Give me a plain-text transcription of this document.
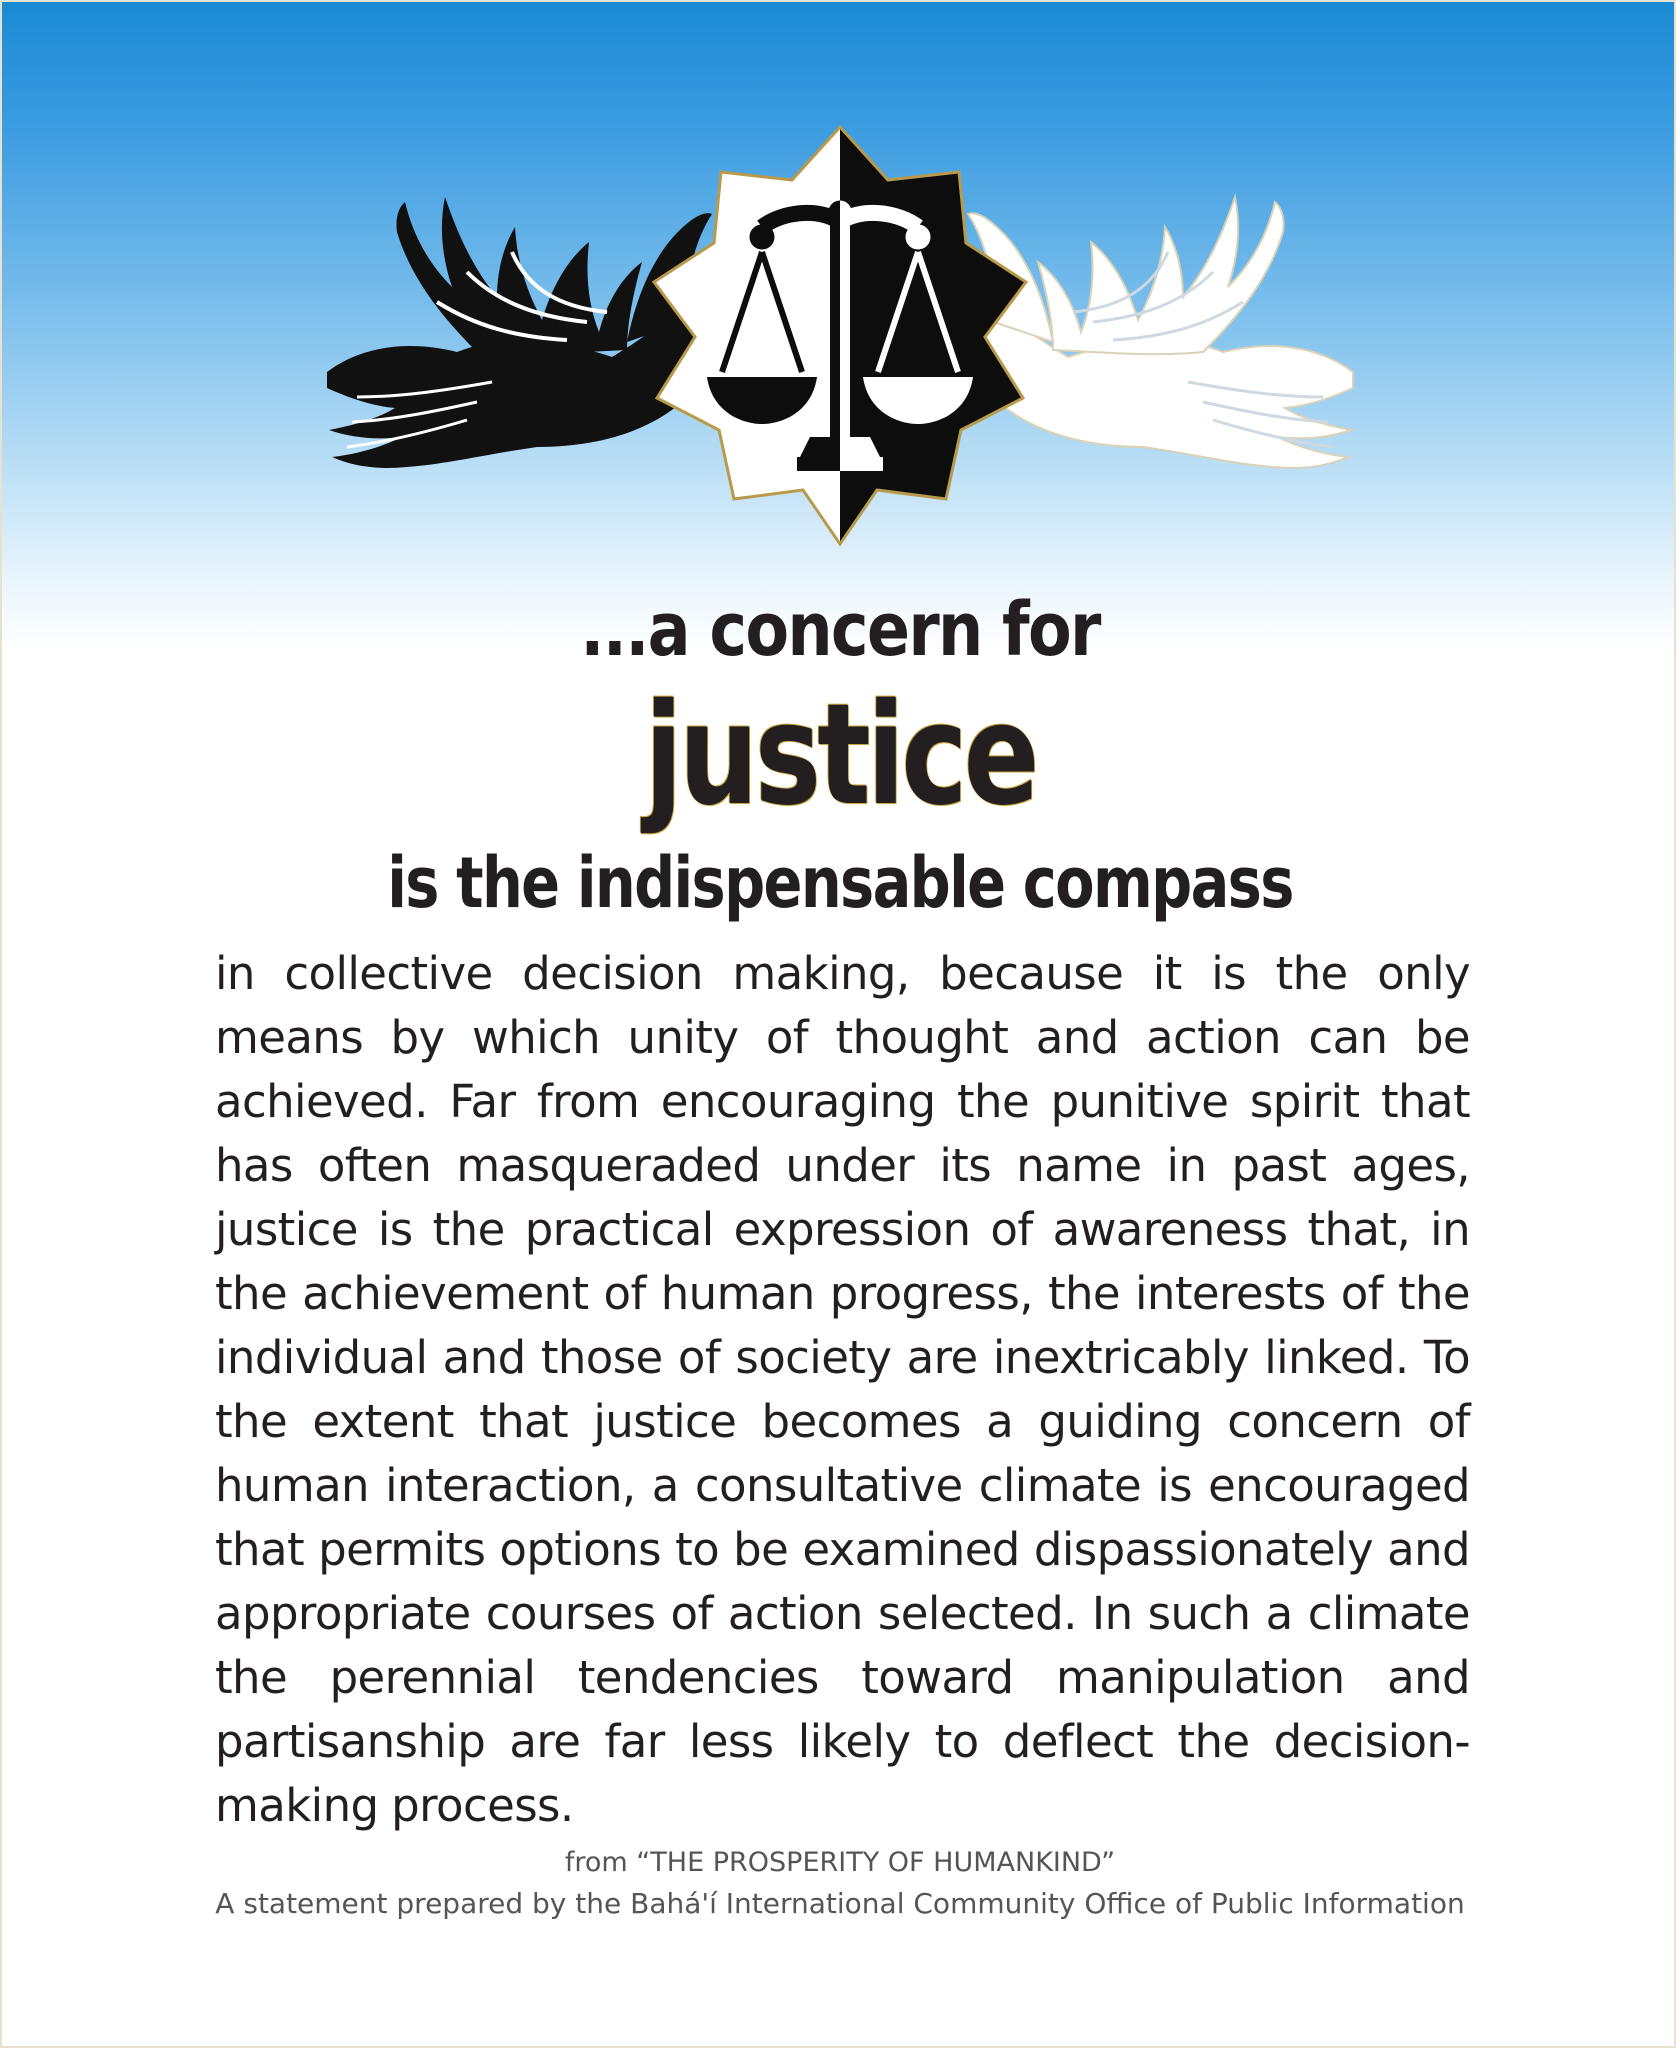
...a concern for
justice
is the indispensable compass
in collective decision making, because it is the only means by which unity of thought and action can be achieved. Far from encouraging the punitive spirit that has often masqueraded under its name in past ages, justice is the practical expression of awareness that, in the achievement of human progress, the interests of the individual and those of society are inextricably linked. To the extent that justice becomes a guiding concern of human interaction, a consultative climate is encouraged that permits options to be examined dispassionately and appropriate courses of action selected. In such a climate the perennial tendencies toward manipulation and partisanship are far less likely to deflect the decision-making process.
from “THE PROSPERITY OF HUMANKIND”
A statement prepared by the Bahá'í International Community Office of Public Information
